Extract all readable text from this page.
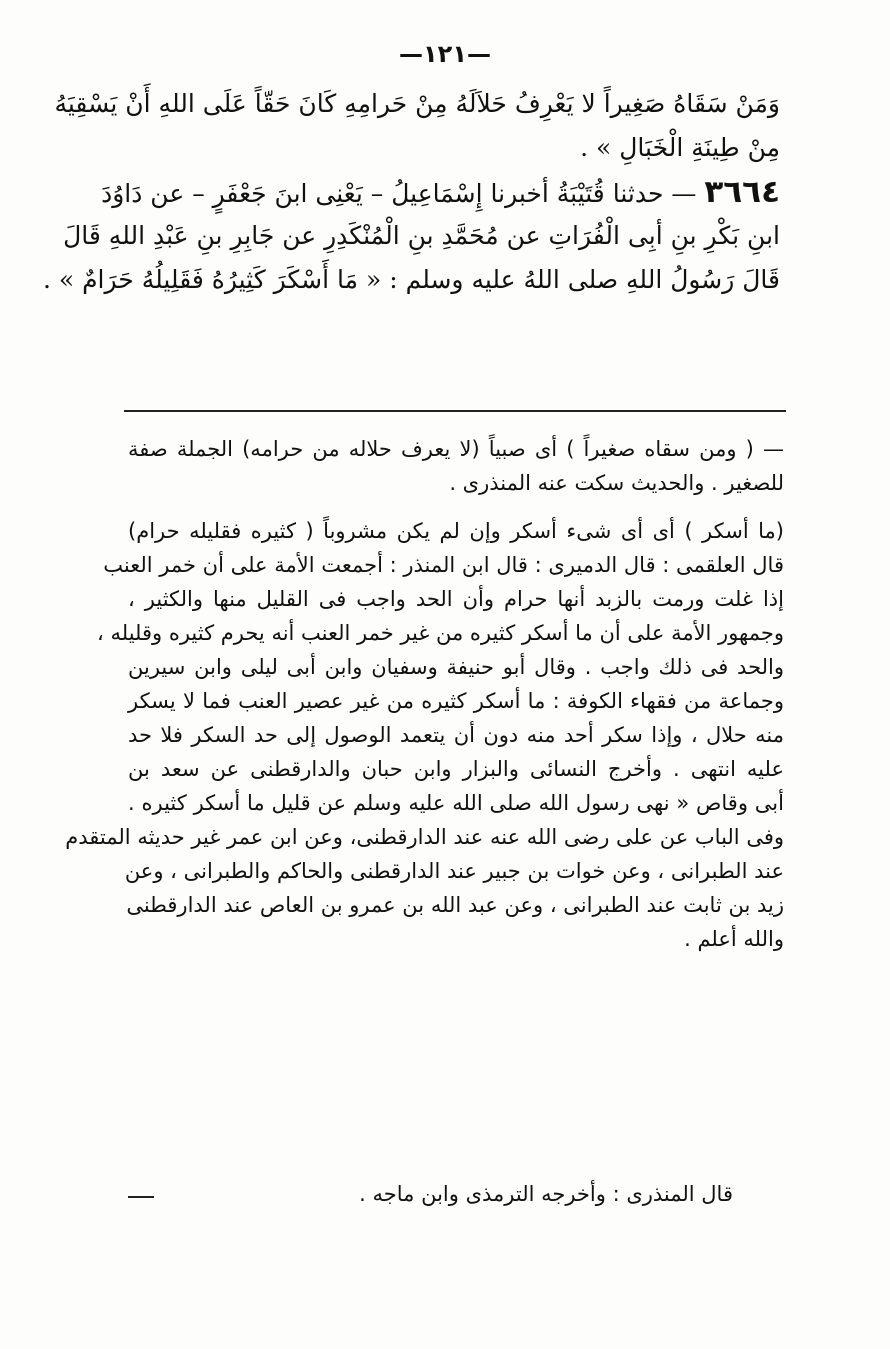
—١٢١—
وَمَنْ سَقَاهُ صَغِيراً لا يَعْرِفُ حَلاَلَهُ مِنْ حَرامِهِ كَانَ حَقّاً عَلَى اللهِ أَنْ يَسْقِيَهُ
مِنْ طِينَةِ الْخَبَالِ » .
٣٦٦٤ — حدثنا قُتَيْبَةُ أخبرنا إِسْمَاعِيلُ – يَعْنِى ابنَ جَعْفَرٍ – عن دَاوُدَ
ابنِ بَكْرِ بنِ أبِى الْفُرَاتِ عن مُحَمَّدِ بنِ الْمُنْكَدِرِ عن جَابِرِ بنِ عَبْدِ اللهِ قَالَ
قَالَ رَسُولُ اللهِ صلى اللهُ عليه وسلم : « مَا أَسْكَرَ كَثِيرُهُ فَقَلِيلُهُ حَرَامٌ » .
— ( ومن سقاه صغيراً ) أى صبياً (لا يعرف حلاله من حرامه) الجملة صفة
للصغير . والحديث سكت عنه المنذرى .
(ما أسكر ) أى أى شىء أسكر وإن لم يكن مشروباً ( كثيره فقليله حرام)
قال العلقمى : قال الدميرى : قال ابن المنذر : أجمعت الأمة على أن خمر العنب
إذا غلت ورمت بالزبد أنها حرام وأن الحد واجب فى القليل منها والكثير ،
وجمهور الأمة على أن ما أسكر كثيره من غير خمر العنب أنه يحرم كثيره وقليله ،
والحد فى ذلك واجب . وقال أبو حنيفة وسفيان وابن أبى ليلى وابن سيرين
وجماعة من فقهاء الكوفة : ما أسكر كثيره من غير عصير العنب فما لا يسكر
منه حلال ، وإذا سكر أحد منه دون أن يتعمد الوصول إلى حد السكر فلا حد
عليه انتهى . وأخرج النسائى والبزار وابن حبان والدارقطنى عن سعد بن
أبى وقاص « نهى رسول الله صلى الله عليه وسلم عن قليل ما أسكر كثيره .
وفى الباب عن على رضى الله عنه عند الدارقطنى، وعن ابن عمر غير حديثه المتقدم
عند الطبرانى ، وعن خوات بن جبير عند الدارقطنى والحاكم والطبرانى ، وعن
زيد بن ثابت عند الطبرانى ، وعن عبد الله بن عمرو بن العاص عند الدارقطنى
والله أعلم .
قال المنذرى : وأخرجه الترمذى وابن ماجه .
